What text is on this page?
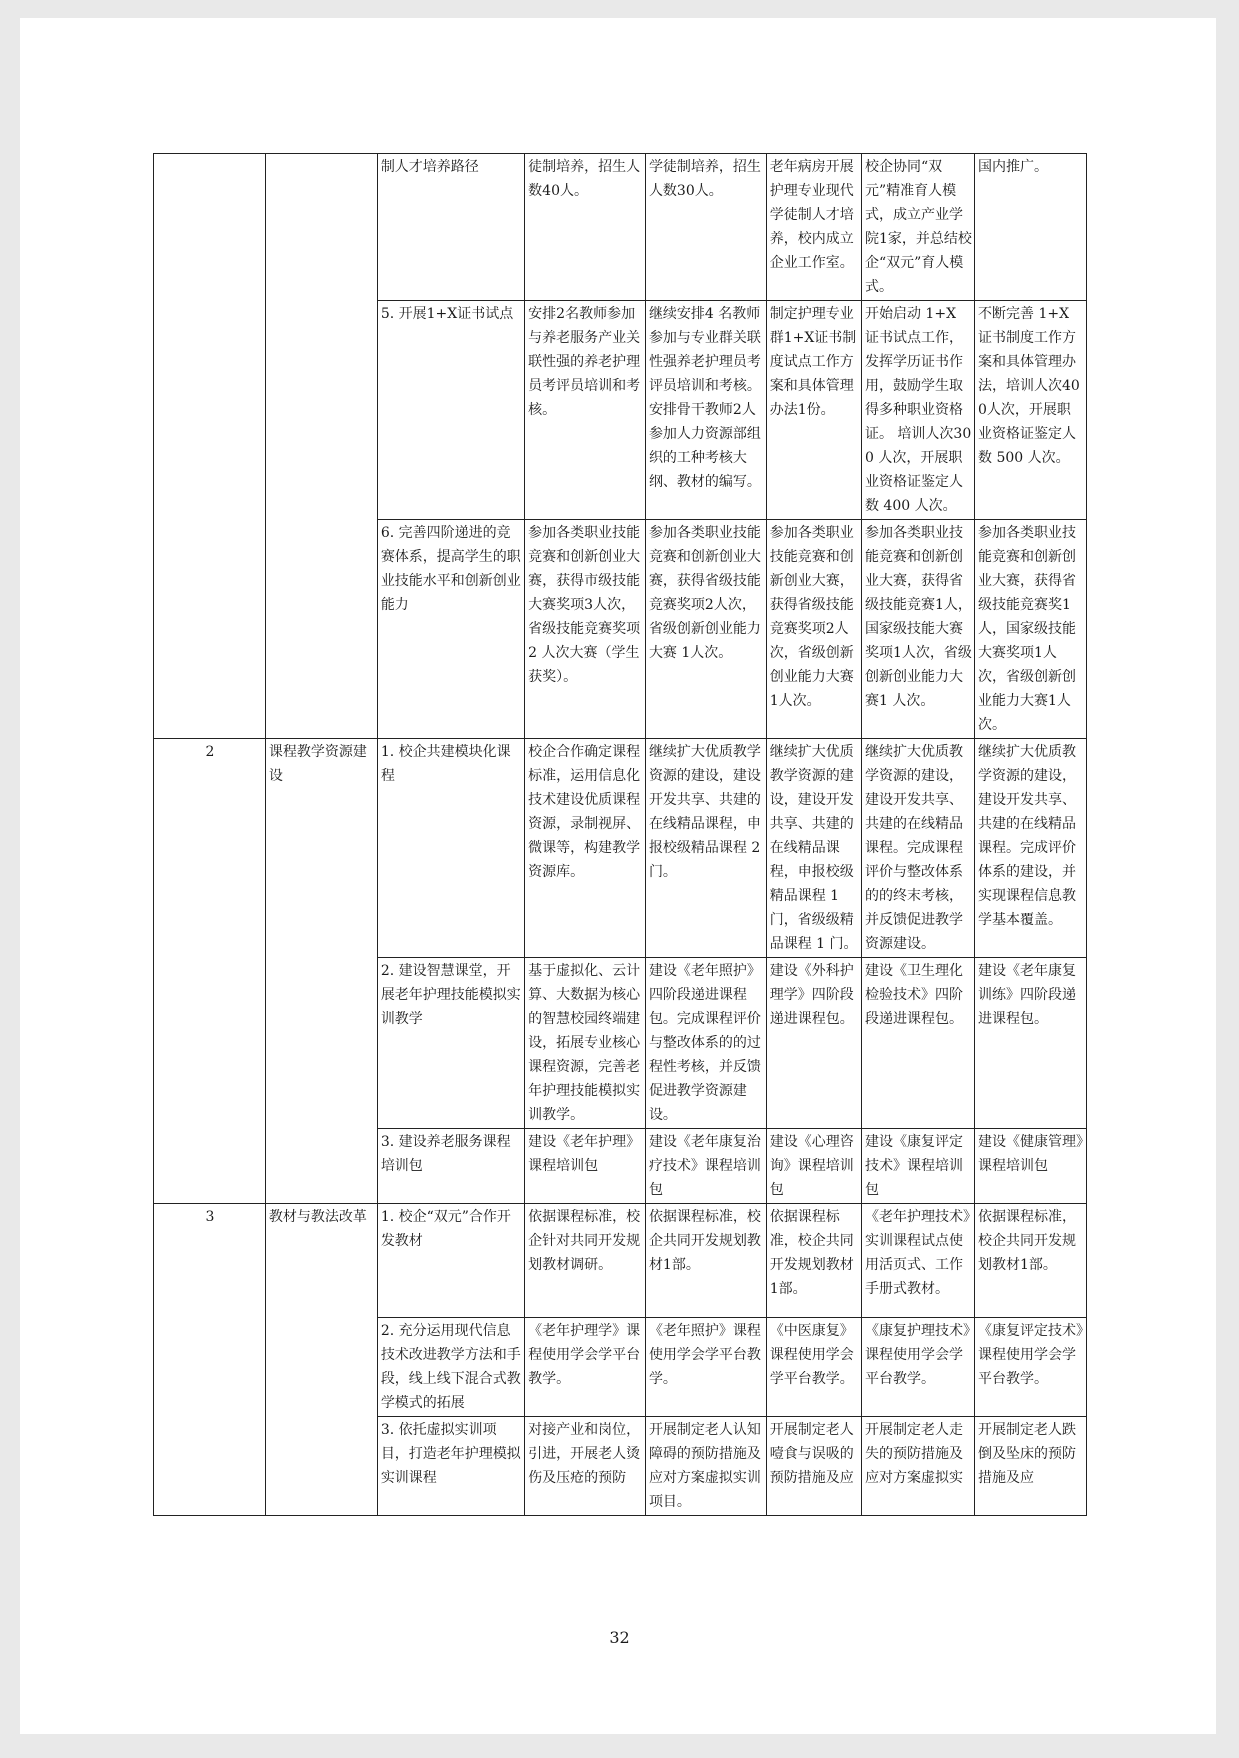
		制人才培养路径	徒制培养，招生人数40人。	学徒制培养，招生人数30人。	老年病房开展护理专业现代学徒制人才培养，校内成立企业工作室。	校企协同“双元”精准育人模式，成立产业学院1家，并总结校企“双元”育人模式。	国内推广。
		5. 开展1+X证书试点	安排2名教师参加与养老服务产业关联性强的养老护理员考评员培训和考核。	继续安排4 名教师参加与专业群关联性强养老护理员考评员培训和考核。安排骨干教师2人参加人力资源部组织的工种考核大纲、教材的编写。	制定护理专业群1+X证书制度试点工作方案和具体管理办法1份。	开始启动 1+X 证书试点工作，发挥学历证书作用，鼓励学生取得多种职业资格证。 培训人次300 人次，开展职业资格证鉴定人数 400 人次。	不断完善 1+X 证书制度工作方案和具体管理办法，培训人次400人次，开展职业资格证鉴定人数 500 人次。
		6. 完善四阶递进的竞赛体系，提高学生的职业技能水平和创新创业能力	参加各类职业技能竞赛和创新创业大赛，获得市级技能大赛奖项3人次，省级技能竞赛奖项 2 人次大赛（学生获奖）。	参加各类职业技能竞赛和创新创业大赛，获得省级技能竞赛奖项2人次，省级创新创业能力大赛 1人次。	参加各类职业技能竞赛和创新创业大赛，获得省级技能竞赛奖项2人次，省级创新创业能力大赛1人次。	参加各类职业技能竞赛和创新创业大赛，获得省级技能竞赛1人，国家级技能大赛奖项1人次，省级创新创业能力大赛1 人次。	参加各类职业技能竞赛和创新创业大赛，获得省级技能竞赛奖1人，国家级技能大赛奖项1人次，省级创新创业能力大赛1人次。
2	课程教学资源建设	1. 校企共建模块化课程	校企合作确定课程标准，运用信息化技术建设优质课程资源，录制视屏、微课等，构建教学资源库。	继续扩大优质教学资源的建设，建设开发共享、共建的在线精品课程，申报校级精品课程 2 门。	继续扩大优质教学资源的建设，建设开发共享、共建的在线精品课程，申报校级精品课程 1门，省级级精品课程 1 门。	继续扩大优质教学资源的建设，建设开发共享、共建的在线精品课程。完成课程评价与整改体系的的终末考核，并反馈促进教学资源建设。	继续扩大优质教学资源的建设，建设开发共享、共建的在线精品课程。完成评价体系的建设，并实现课程信息教学基本覆盖。
		2. 建设智慧课堂，开展老年护理技能模拟实训教学	基于虚拟化、云计算、大数据为核心的智慧校园终端建设，拓展专业核心课程资源，完善老年护理技能模拟实训教学。	建设《老年照护》四阶段递进课程包。完成课程评价与整改体系的的过程性考核，并反馈促进教学资源建设。	建设《外科护理学》四阶段递进课程包。	建设《卫生理化检验技术》四阶段递进课程包。	建设《老年康复训练》四阶段递进课程包。
		3. 建设养老服务课程培训包	建设《老年护理》课程培训包	建设《老年康复治疗技术》课程培训包	建设《心理咨询》课程培训包	建设《康复评定技术》课程培训包	建设《健康管理》课程培训包
3	教材与教法改革	1. 校企“双元”合作开发教材	依据课程标准，校企针对共同开发规划教材调研。	依据课程标准，校企共同开发规划教材1部。	依据课程标准，校企共同开发规划教材1部。	《老年护理技术》实训课程试点使用活页式、工作手册式教材。	依据课程标准，校企共同开发规划教材1部。
		2. 充分运用现代信息技术改进教学方法和手段，线上线下混合式教学模式的拓展	《老年护理学》课程使用学会学平台教学。	《老年照护》课程使用学会学平台教学。	《中医康复》课程使用学会学平台教学。	《康复护理技术》课程使用学会学平台教学。	《康复评定技术》课程使用学会学平台教学。
		3. 依托虚拟实训项目，打造老年护理模拟实训课程	对接产业和岗位，引进，开展老人烫伤及压疮的预防	开展制定老人认知障碍的预防措施及应对方案虚拟实训项目。	开展制定老人噎食与误吸的预防措施及应	开展制定老人走失的预防措施及应对方案虚拟实	开展制定老人跌倒及坠床的预防措施及应
32
